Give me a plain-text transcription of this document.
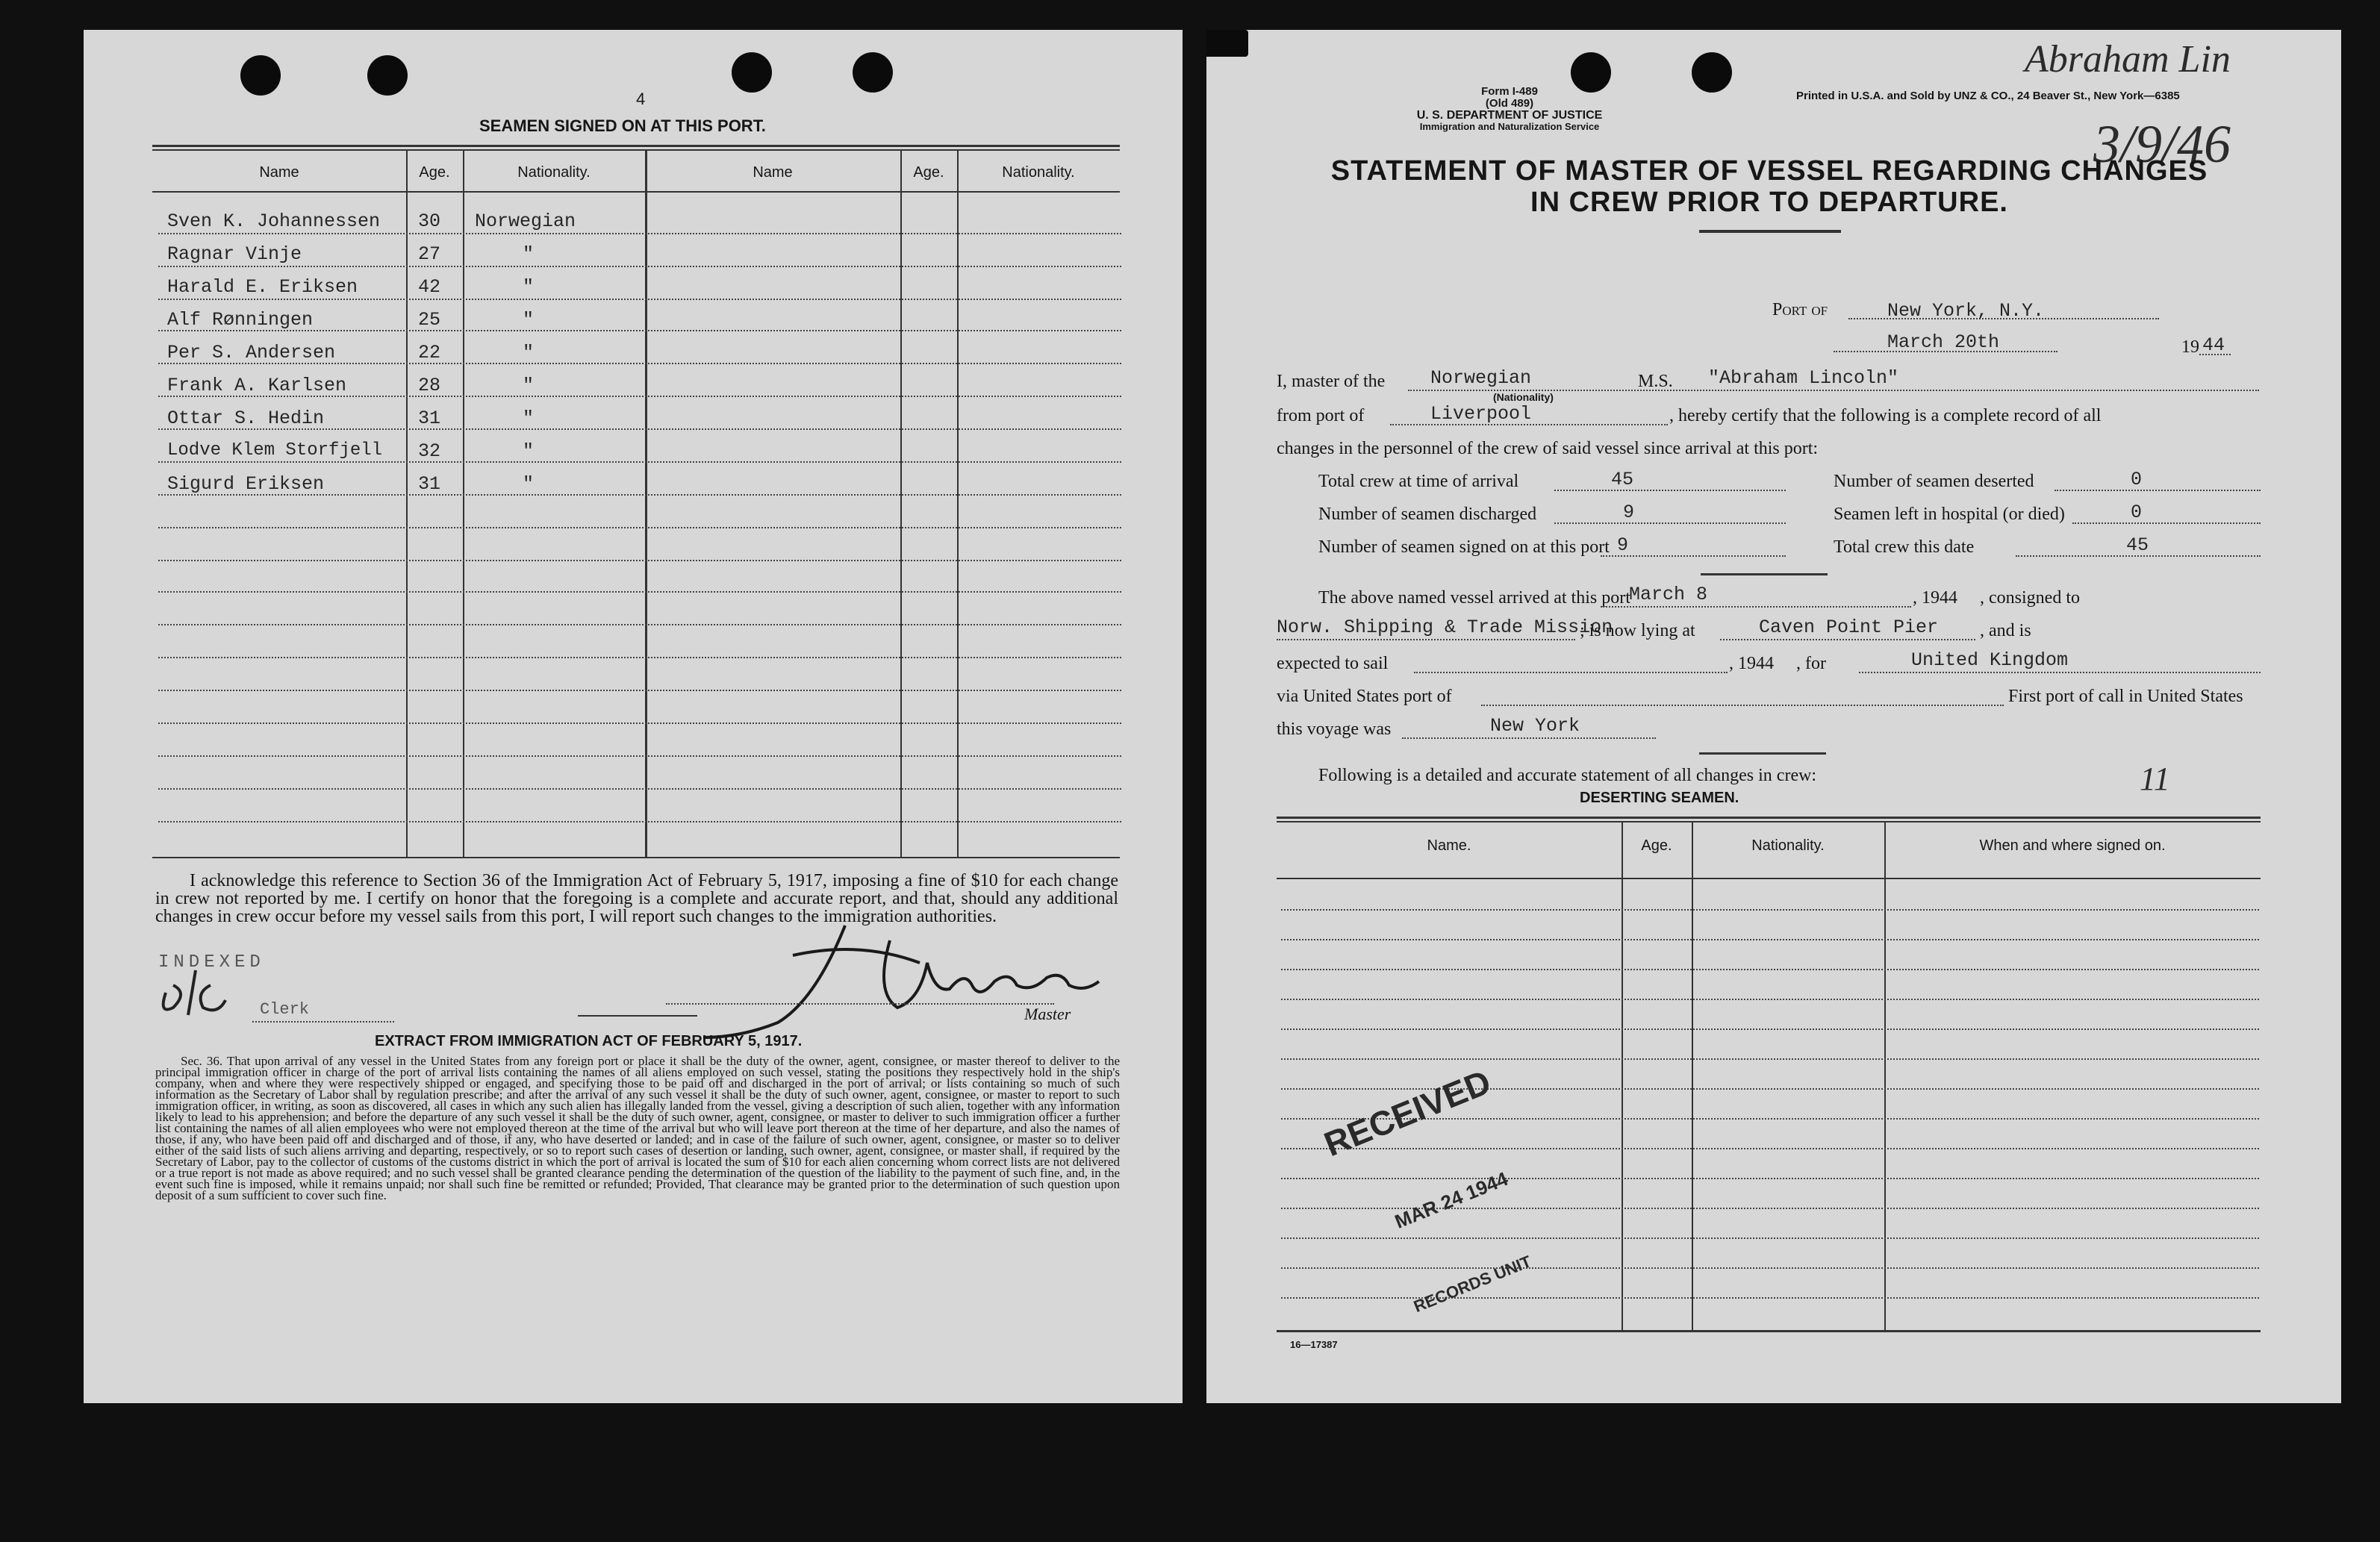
4
SEAMEN SIGNED ON AT THIS PORT.
Name	Age.	Nationality.	Name	Age.	Nationality.
Sven K. Johannessen 30 Norwegian
Ragnar Vinje	27	"
Harald E. Eriksen	42	"
Alf Rønningen	25	"
Per S. Andersen	22	"
Frank A. Karlsen	28	"
Ottar S. Hedin	31	"
Lodve Klem Storfjell 32	"
Sigurd Eriksen	31	"
I acknowledge this reference to Section 36 of the Immigration Act of February 5, 1917, imposing a fine of $10 for each change in crew not reported by me. I certify on honor that the foregoing is a complete and accurate report, and that, should any additional changes in crew occur before my vessel sails from this port, I will report such changes to the immigration authorities.
INDEXED
Clerk	Master
EXTRACT FROM IMMIGRATION ACT OF FEBRUARY 5, 1917.
Sec. 36. That upon arrival of any vessel in the United States from any foreign port or place it shall be the duty of the owner, agent, consignee, or master thereof to deliver to the principal immigration officer in charge of the port of arrival lists containing the names of all aliens employed on such vessel, stating the positions they respectively hold in the ship's company, when and where they were respectively shipped or engaged, and specifying those to be paid off and discharged in the port of arrival; or lists containing so much of such information as the Secretary of Labor shall by regulation prescribe; and after the arrival of any such vessel it shall be the duty of such owner, agent, consignee, or master to report to such immigration officer, in writing, as soon as discovered, all cases in which any such alien has illegally landed from the vessel, giving a description of such alien, together with any information likely to lead to his apprehension; and before the departure of any such vessel it shall be the duty of such owner, agent, consignee, or master to deliver to such immigration officer a further list containing the names of all alien employees who were not employed thereon at the time of the arrival but who will leave port thereon at the time of her departure, and also the names of those, if any, who have been paid off and discharged and of those, if any, who have deserted or landed; and in case of the failure of such owner, agent, consignee, or master so to deliver either of the said lists of such aliens arriving and departing, respectively, or so to report such cases of desertion or landing, such owner, agent, consignee, or master shall, if required by the Secretary of Labor, pay to the collector of customs of the customs district in which the port of arrival is located the sum of $10 for each alien concerning whom correct lists are not delivered or a true report is not made as above required; and no such vessel shall be granted clearance pending the determination of the question of the liability to the payment of such fine, and, in the event such fine is imposed, while it remains unpaid; nor shall such fine be remitted or refunded; Provided, That clearance may be granted prior to the determination of such question upon deposit of a sum sufficient to cover such fine.
Form I-489
(Old 489)
U. S. DEPARTMENT OF JUSTICE
Immigration and Naturalization Service
Printed in U.S.A. and Sold by UNZ & CO., 24 Beaver St., New York—6385
Abraham Lin
3/9/46
STATEMENT OF MASTER OF VESSEL REGARDING CHANGES
IN CREW PRIOR TO DEPARTURE.
Port of	New York, N.Y.
March 20th	19 44
I, master of the Norwegian
(Nationality)
M.S. "Abraham Lincoln"
from port of	Liverpool	, hereby certify that the following is a complete record of all
changes in the personnel of the crew of said vessel since arrival at this port:
Total crew at time of arrival	45	Number of seamen deserted	0
Number of seamen discharged	9	Seamen left in hospital (or died)	0
Number of seamen signed on at this port 9	Total crew this date	45
The above named vessel arrived at this port
March 8	, 1944 , consigned to
Norw. Shipping & Trade Mission
; is now lying at	Caven Point Pier , and is
expected to sail	, 1944 , for	United Kingdom
via United States port of	First port of call in United States
this voyage was	New York
Following is a detailed and accurate statement of all changes in crew:	11
DESERTING SEAMEN.
Name.	Age.	Nationality.	When and where signed on.
RECEIVED
MAR 24 1944
RECORDS UNIT
16—17387
